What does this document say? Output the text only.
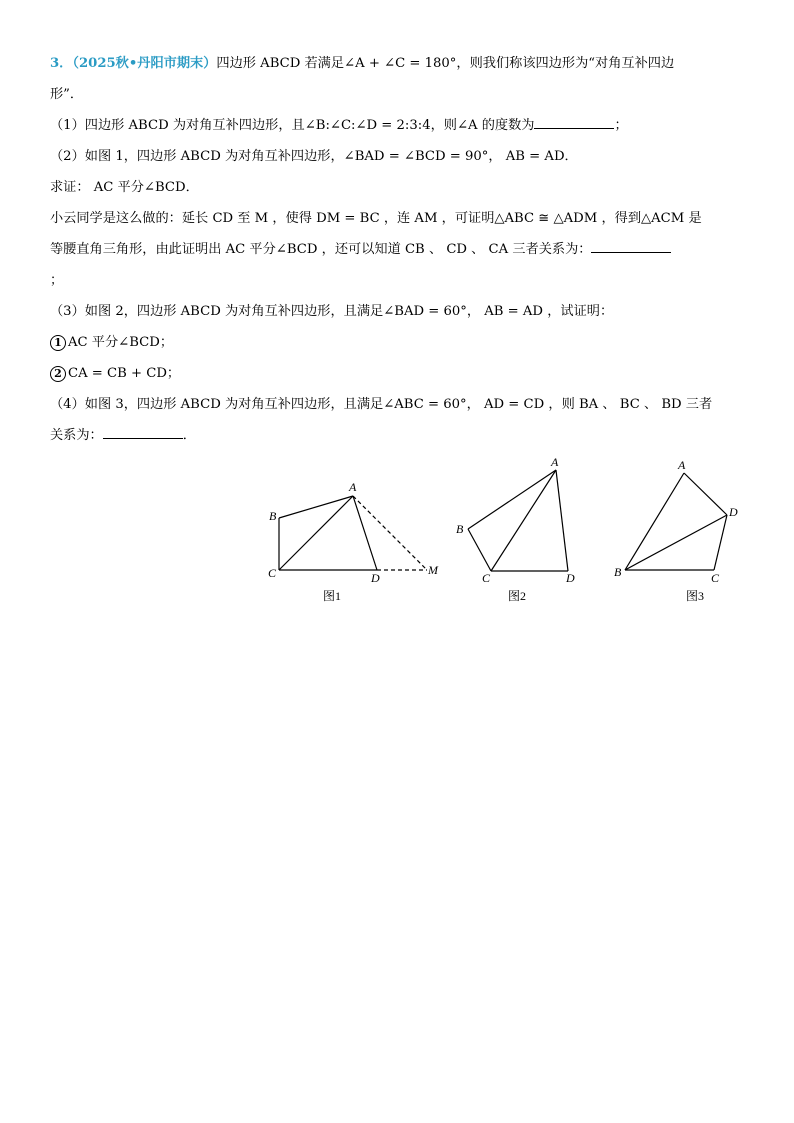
3．（2025秋•丹阳市期末）四边形 ABCD 若满足∠A + ∠C = 180°，则我们称该四边形为“对角互补四边

形”．

（1）四边形 ABCD 为对角互补四边形，且∠B:∠C:∠D = 2:3:4，则∠A 的度数为	；

（2）如图 1，四边形 ABCD 为对角互补四边形，∠BAD = ∠BCD = 90°， AB = AD．

求证： AC 平分∠BCD．

小云同学是这么做的：延长 CD 至 M ，使得 DM = BC ，连 AM ，可证明△ABC ≅ △ADM ，得到△ACM 是

等腰直角三角形，由此证明出 AC 平分∠BCD ，还可以知道 CB 、 CD 、 CA 三者关系为：

；

（3）如图 2，四边形 ABCD 为对角互补四边形，且满足∠BAD = 60°， AB = AD ，试证明：

1 AC 平分∠BCD；

2 CA = CB + CD；

（4）如图 3，四边形 ABCD 为对角互补四边形，且满足∠ABC = 60°， AD = CD ，则 BA 、 BC 、 BD 三者

关系为：	．

A
B
C	D
M
图1
A
B
C	D
图2
A
B	C
D
图3
